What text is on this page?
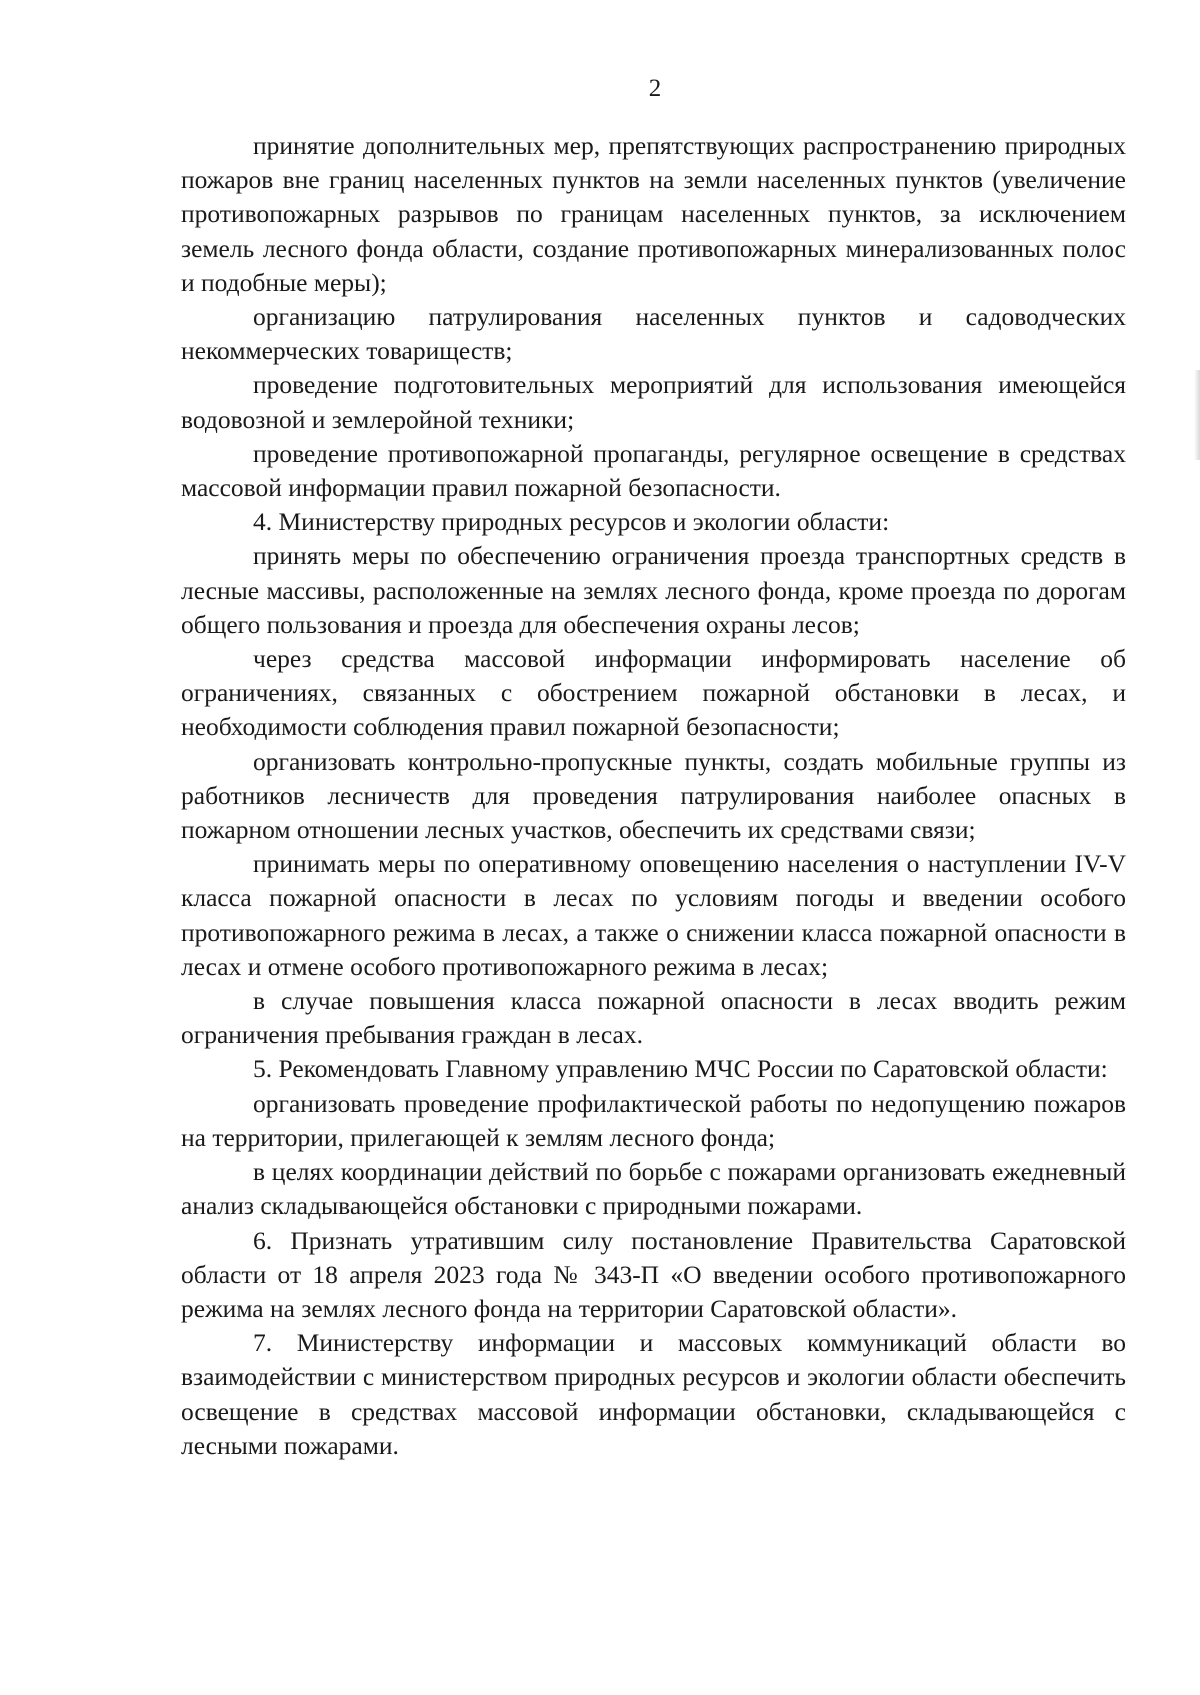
2

принятие дополнительных мер, препятствующих распространению природных пожаров вне границ населенных пунктов на земли населенных пунктов (увеличение противопожарных разрывов по границам населенных пунктов, за исключением земель лесного фонда области, создание противопожарных минерализованных полос и подобные меры);

организацию патрулирования населенных пунктов и садоводческих некоммерческих товариществ;

проведение подготовительных мероприятий для использования имеющейся водовозной и землеройной техники;

проведение противопожарной пропаганды, регулярное освещение в средствах массовой информации правил пожарной безопасности.

4. Министерству природных ресурсов и экологии области:

принять меры по обеспечению ограничения проезда транспортных средств в лесные массивы, расположенные на землях лесного фонда, кроме проезда по дорогам общего пользования и проезда для обеспечения охраны лесов;

через средства массовой информации информировать население об ограничениях, связанных с обострением пожарной обстановки в лесах, и необходимости соблюдения правил пожарной безопасности;

организовать контрольно-пропускные пункты, создать мобильные группы из работников лесничеств для проведения патрулирования наиболее опасных в пожарном отношении лесных участков, обеспечить их средствами связи;

принимать меры по оперативному оповещению населения о наступлении IV-V класса пожарной опасности в лесах по условиям погоды и введении особого противопожарного режима в лесах, а также о снижении класса пожарной опасности в лесах и отмене особого противопожарного режима в лесах;

в случае повышения класса пожарной опасности в лесах вводить режим ограничения пребывания граждан в лесах.

5. Рекомендовать Главному управлению МЧС России по Саратовской области:

организовать проведение профилактической работы по недопущению пожаров на территории, прилегающей к землям лесного фонда;

в целях координации действий по борьбе с пожарами организовать ежедневный анализ складывающейся обстановки с природными пожарами.

6. Признать утратившим силу постановление Правительства Саратовской области от 18 апреля 2023 года № 343-П «О введении особого противопожарного режима на землях лесного фонда на территории Саратовской области».

7. Министерству информации и массовых коммуникаций области во взаимодействии с министерством природных ресурсов и экологии области обеспечить освещение в средствах массовой информации обстановки, складывающейся с лесными пожарами.
